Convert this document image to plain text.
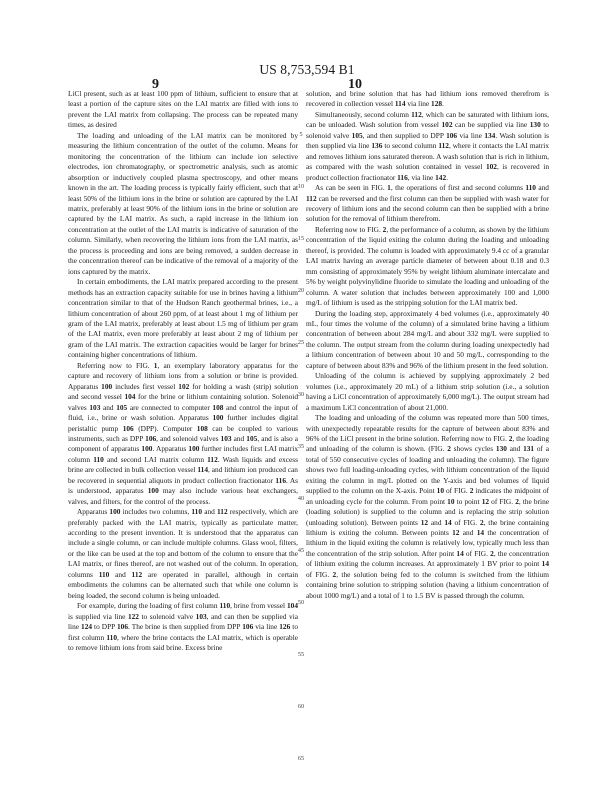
US 8,753,594 B1
9	10

LiCl present, such as at least 100 ppm of lithium, sufficient to ensure that at least a portion of the capture sites on the LAI matrix are filled with ions to prevent the LAI matrix from collapsing. The process can be repeated many times, as desired

The loading and unloading of the LAI matrix can be monitored by measuring the lithium concentration of the outlet of the column. Means for monitoring the concentration of the lithium can include ion selective electrodes, ion chromatography, or spectrometric analysis, such as atomic absorption or inductively coupled plasma spectroscopy, and other means known in the art. The loading process is typically fairly efficient, such that at least 50% of the lithium ions in the brine or solution are captured by the LAI matrix, preferably at least 90% of the lithium ions in the brine or solution are captured by the LAI matrix. As such, a rapid increase in the lithium ion concentration at the outlet of the LAI matrix is indicative of saturation of the column. Similarly, when recovering the lithium ions from the LAI matrix, as the process is proceeding and ions are being removed, a sudden decrease in the concentration thereof can be indicative of the removal of a majority of the ions captured by the matrix.

In certain embodiments, the LAI matrix prepared according to the present methods has an extraction capacity suitable for use in brines having a lithium concentration similar to that of the Hudson Ranch geothermal brines, i.e., a lithium concentration of about 260 ppm, of at least about 1 mg of lithium per gram of the LAI matrix, preferably at least about 1.5 mg of lithium per gram of the LAI matrix, even more preferably at least about 2 mg of lithium per gram of the LAI matrix. The extraction capacities would be larger for brines containing higher concentrations of lithium.

Referring now to FIG. 1, an exemplary laboratory apparatus for the capture and recovery of lithium ions from a solution or brine is provided. Apparatus 100 includes first vessel 102 for holding a wash (strip) solution and second vessel 104 for the brine or lithium containing solution. Solenoid valves 103 and 105 are connected to computer 108 and control the input of fluid, i.e., brine or wash solution. Apparatus 100 further includes digital peristaltic pump 106 (DPP). Computer 108 can be coupled to various instruments, such as DPP 106, and solenoid valves 103 and 105, and is also a component of apparatus 100. Apparatus 100 further includes first LAI matrix column 110 and second LAI matrix column 112. Wash liquids and excess brine are collected in bulk collection vessel 114, and lithium ion produced can be recovered in sequential aliquots in product collection fractionator 116. As is understood, apparatus 100 may also include various heat exchangers, valves, and filters, for the control of the process.

Apparatus 100 includes two columns, 110 and 112 respectively, which are preferably packed with the LAI matrix, typically as particulate matter, according to the present invention. It is understood that the apparatus can include a single column, or can include multiple columns. Glass wool, filters, or the like can be used at the top and bottom of the column to ensure that the LAI matrix, or fines thereof, are not washed out of the column. In operation, columns 110 and 112 are operated in parallel, although in certain embodiments the columns can be alternated such that while one column is being loaded, the second column is being unloaded.

For example, during the loading of first column 110, brine from vessel 104 is supplied via line 122 to solenoid valve 103, and can then be supplied via line 124 to DPP 106. The brine is then supplied from DPP 106 via line 126 to first column 110, where the brine contacts the LAI matrix, which is operable to remove lithium ions from said brine. Excess brine

solution, and brine solution that has had lithium ions removed therefrom is recovered in collection vessel 114 via line 128.

Simultaneously, second column 112, which can be saturated with lithium ions, can be unloaded. Wash solution from vessel 102 can be supplied via line 130 to solenoid valve 105, and then supplied to DPP 106 via line 134. Wash solution is then supplied via line 136 to second column 112, where it contacts the LAI matrix and removes lithium ions saturated thereon. A wash solution that is rich in lithium, as compared with the wash solution contained in vessel 102, is recovered in product collection fractionator 116, via line 142.

As can be seen in FIG. 1, the operations of first and second columns 110 and 112 can be reversed and the first column can then be supplied with wash water for recovery of lithium ions and the second column can then be supplied with a brine solution for the removal of lithium therefrom.

Referring now to FIG. 2, the performance of a column, as shown by the lithium concentration of the liquid exiting the column during the loading and unloading thereof, is provided. The column is loaded with approximately 9.4 cc of a granular LAI matrix having an average particle diameter of between about 0.18 and 0.3 mm consisting of approximately 95% by weight lithium aluminate intercalate and 5% by weight polyvinylidine fluoride to simulate the loading and unloading of the column. A water solution that includes between approximately 100 and 1,000 mg/L of lithium is used as the stripping solution for the LAI matrix bed.

During the loading step, approximately 4 bed volumes (i.e., approximately 40 mL, four times the volume of the column) of a simulated brine having a lithium concentration of between about 284 mg/L and about 332 mg/L were supplied to the column. The output stream from the column during loading unexpectedly had a lithium concentration of between about 10 and 50 mg/L, corresponding to the capture of between about 83% and 96% of the lithium present in the feed solution.

Unloading of the column is achieved by supplying approximately 2 bed volumes (i.e., approximately 20 mL) of a lithium strip solution (i.e., a solution having a LiCl concentration of approximately 6,000 mg/L). The output stream had a maximum LiCl concentration of about 21,000.

The loading and unloading of the column was repeated more than 500 times, with unexpectedly repeatable results for the capture of between about 83% and 96% of the LiCl present in the brine solution. Referring now to FIG. 2, the loading and unloading of the column is shown. (FIG. 2 shows cycles 130 and 131 of a total of 550 consecutive cycles of loading and unloading the column). The figure shows two full loading-unloading cycles, with lithium concentration of the liquid exiting the column in mg/L plotted on the Y-axis and bed volumes of liquid supplied to the column on the X-axis. Point 10 of FIG. 2 indicates the midpoint of an unloading cycle for the column. From point 10 to point 12 of FIG. 2, the brine (loading solution) is supplied to the column and is replacing the strip solution (unloading solution). Between points 12 and 14 of FIG. 2, the brine containing lithium is exiting the column. Between points 12 and 14 the concentration of lithium in the liquid exiting the column is relatively low, typically much less than the concentration of the strip solution. After point 14 of FIG. 2, the concentration of lithium exiting the column increases. At approximately 1 BV prior to point 14 of FIG. 2, the solution being fed to the column is switched from the lithium containing brine solution to stripping solution (having a lithium concentration of about 1000 mg/L) and a total of 1 to 1.5 BV is passed through the column.

5
10
15
20
25
30
35
40
45
50
55
60
65
